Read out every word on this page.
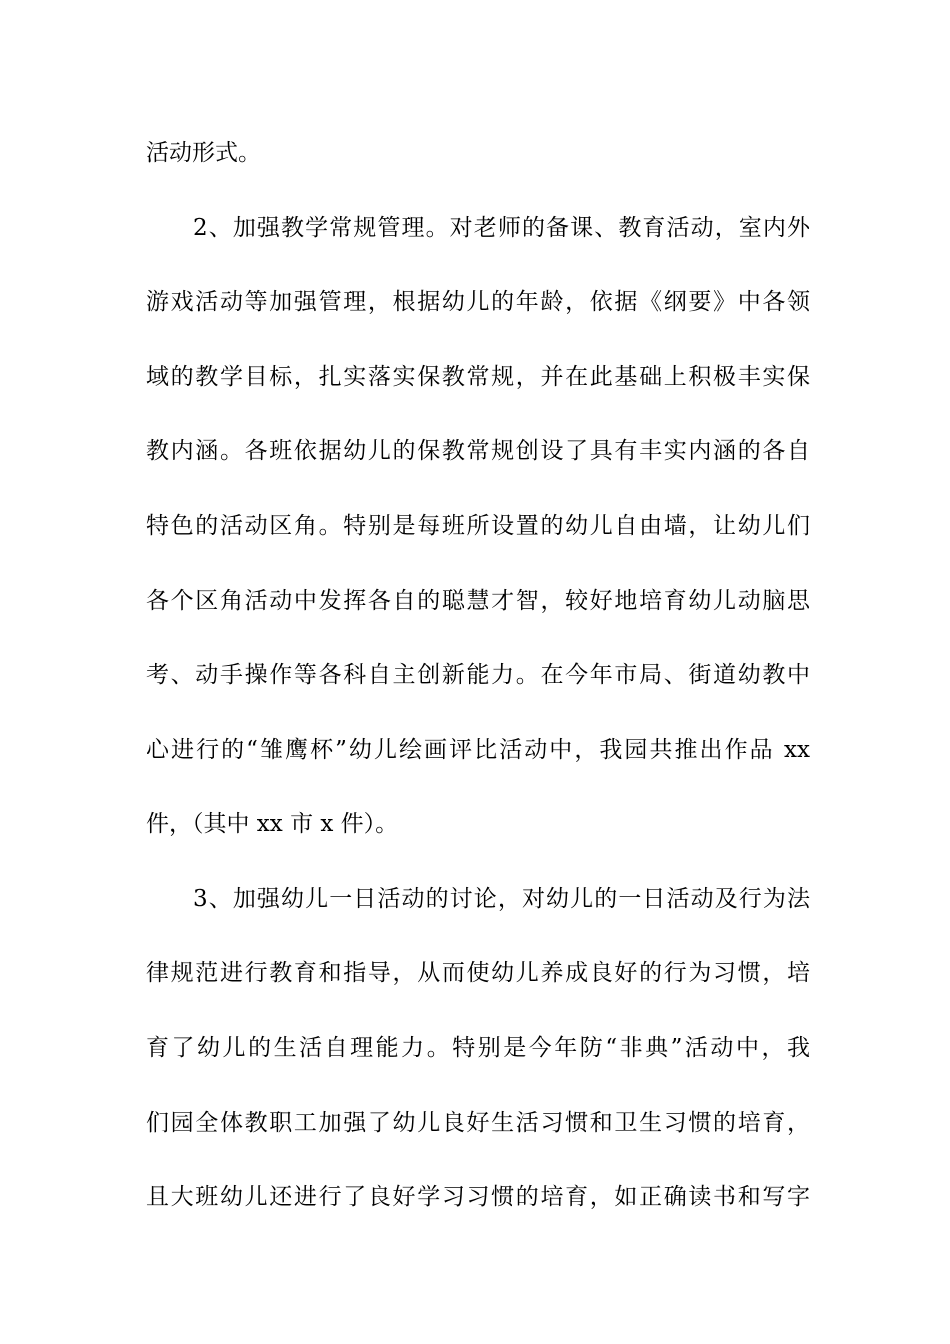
活动形式。
2、加强教学常规管理。对老师的备课、教育活动，室内外
游戏活动等加强管理，根据幼儿的年龄，依据《纲要》中各领
域的教学目标，扎实落实保教常规，并在此基础上积极丰实保
教内涵。各班依据幼儿的保教常规创设了具有丰实内涵的各自
特色的活动区角。特别是每班所设置的幼儿自由墙，让幼儿们
各个区角活动中发挥各自的聪慧才智，较好地培育幼儿动脑思
考、动手操作等各科自主创新能力。在今年市局、街道幼教中
心进行的“雏鹰杯”幼儿绘画评比活动中，我园共推出作品 xx
件，（其中 xx 市 x 件）。
3、加强幼儿一日活动的讨论，对幼儿的一日活动及行为法
律规范进行教育和指导，从而使幼儿养成良好的行为习惯，培
育了幼儿的生活自理能力。特别是今年防“非典”活动中，我
们园全体教职工加强了幼儿良好生活习惯和卫生习惯的培育，
且大班幼儿还进行了良好学习习惯的培育，如正确读书和写字
